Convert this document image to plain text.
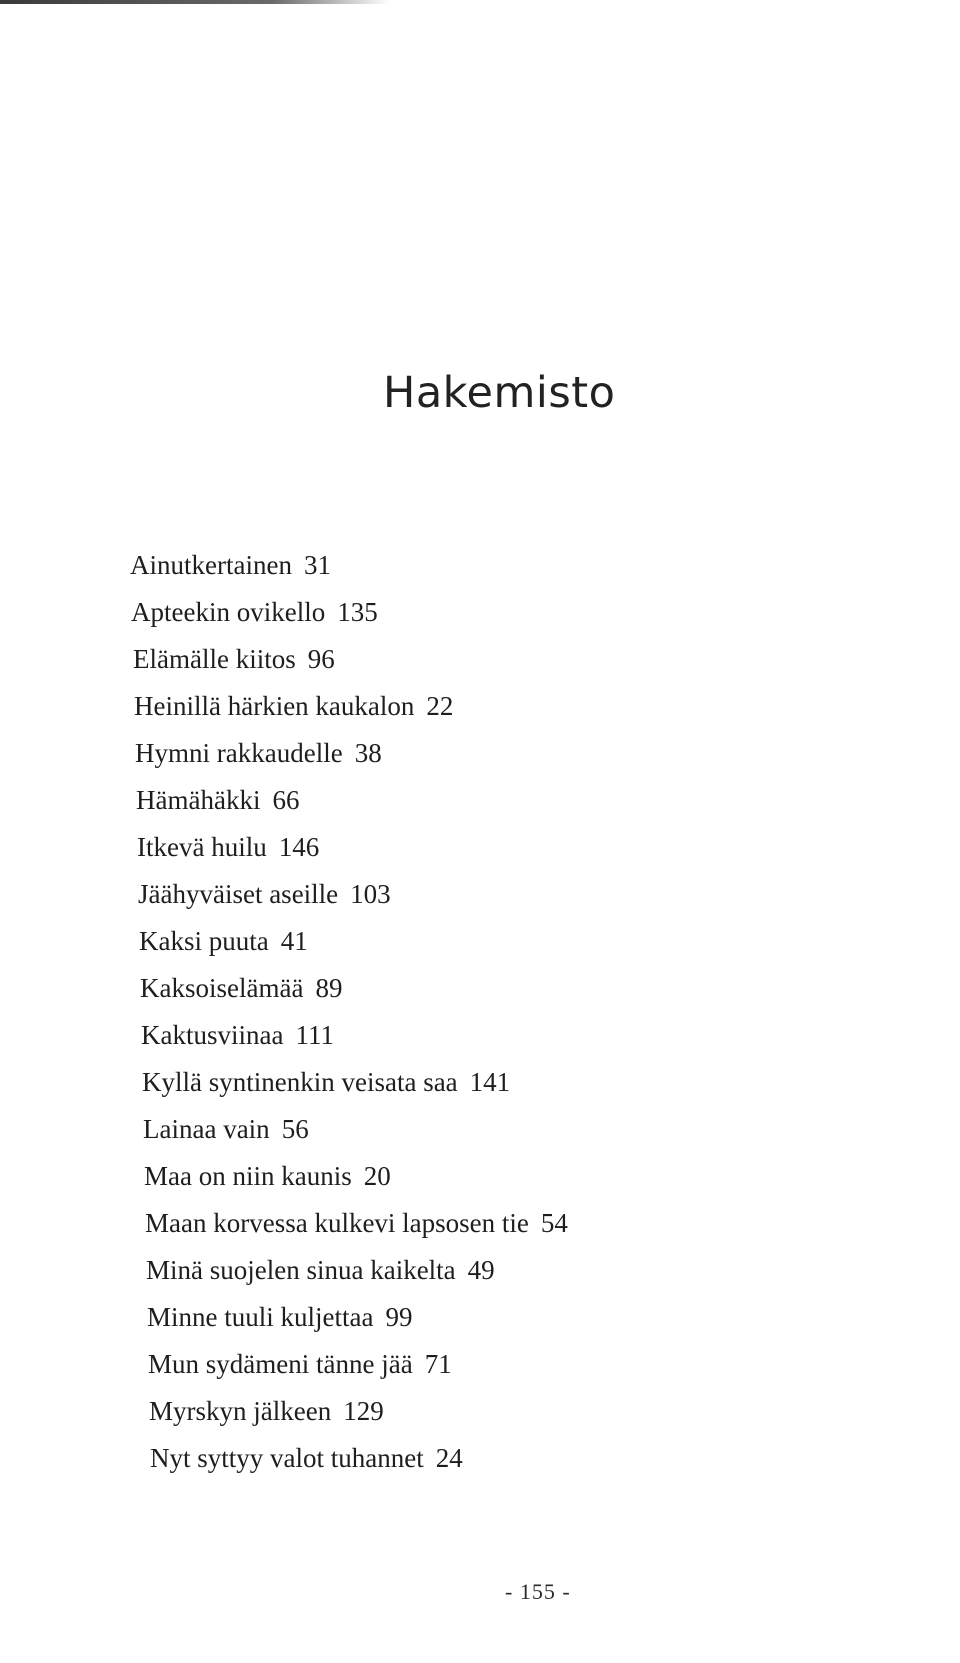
Hakemisto
Ainutkertainen 31
Apteekin ovikello 135
Elämälle kiitos 96
Heinillä härkien kaukalon 22
Hymni rakkaudelle 38
Hämähäkki 66
Itkevä huilu 146
Jäähyväiset aseille 103
Kaksi puuta 41
Kaksoiselämää 89
Kaktusviinaa 111
Kyllä syntinenkin veisata saa 141
Lainaa vain 56
Maa on niin kaunis 20
Maan korvessa kulkevi lapsosen tie 54
Minä suojelen sinua kaikelta 49
Minne tuuli kuljettaa 99
Mun sydämeni tänne jää 71
Myrskyn jälkeen 129
Nyt syttyy valot tuhannet 24
- 155 -
